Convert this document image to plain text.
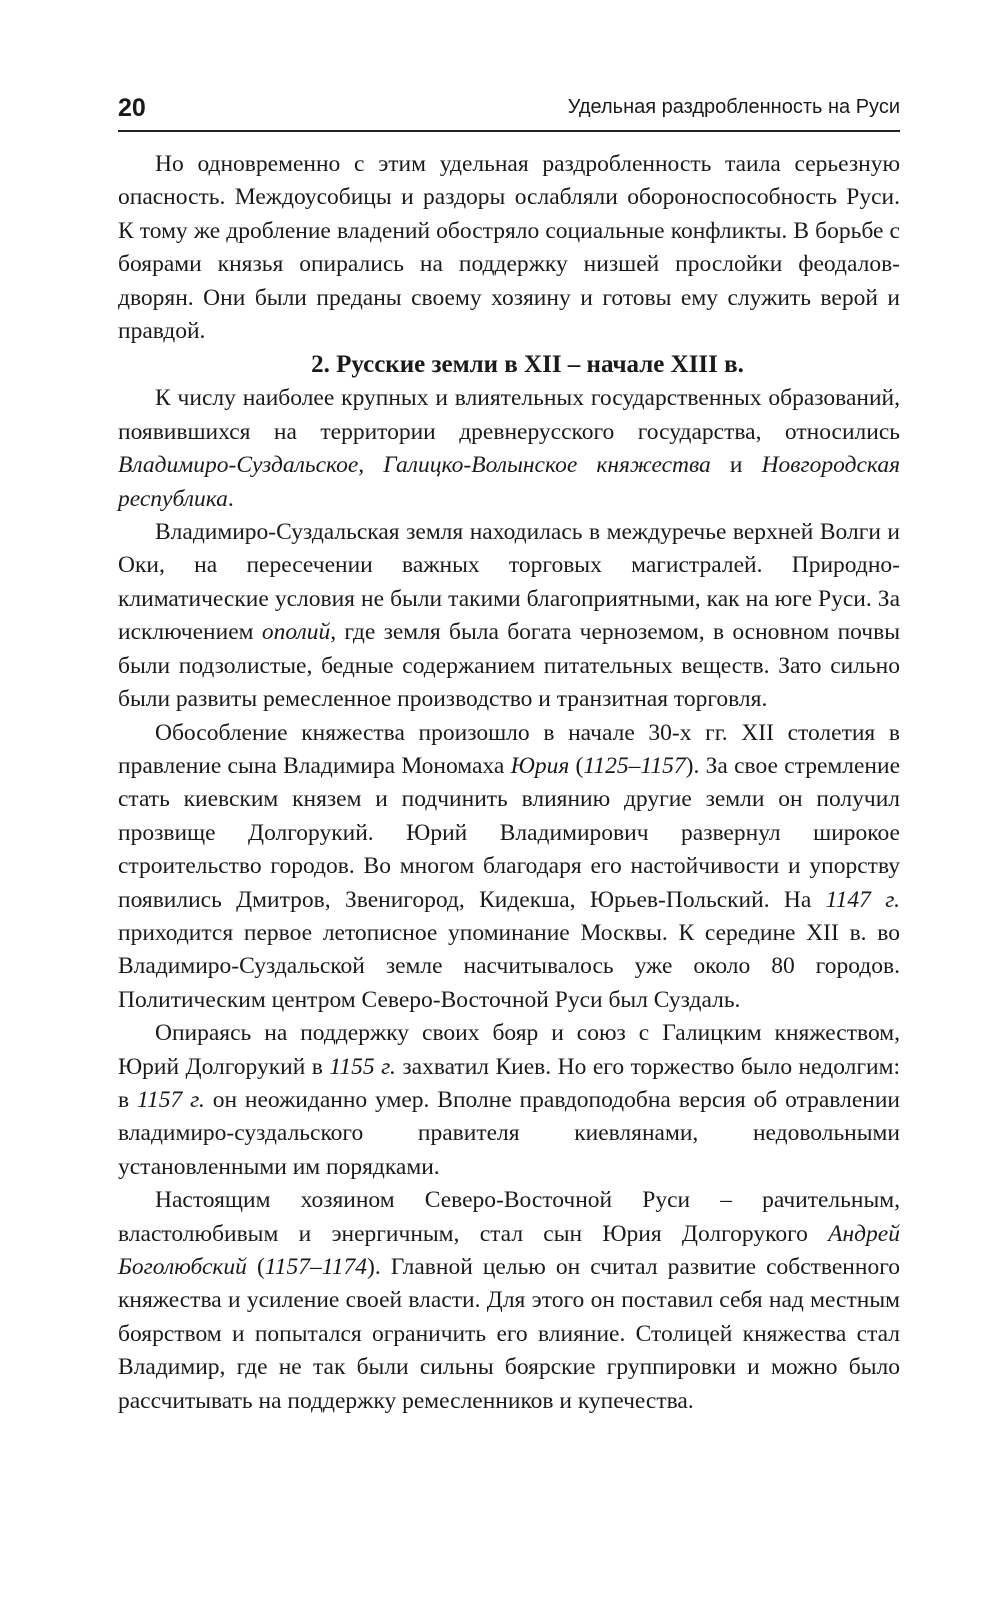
20	Удельная раздробленность на Руси

Но одновременно с этим удельная раздробленность таила серьезную опасность. Междоусобицы и раздоры ослабляли обороноспособность Руси. К тому же дробление владений обостряло социальные конфликты. В борьбе с боярами князья опирались на поддержку низшей прослойки феодалов-дворян. Они были преданы своему хозяину и готовы ему служить верой и правдой.

2. Русские земли в XII – начале XIII в.

К числу наиболее крупных и влиятельных государственных образований, появившихся на территории древнерусского государства, относились Владимиро-Суздальское, Галицко-Волынское княжества и Новгородская республика.

Владимиро-Суздальская земля находилась в междуречье верхней Волги и Оки, на пересечении важных торговых магистралей. Природно-климатические условия не были такими благоприятными, как на юге Руси. За исключением ополий, где земля была богата черноземом, в основном почвы были подзолистые, бедные содержанием питательных веществ. Зато сильно были развиты ремесленное производство и транзитная торговля.

Обособление княжества произошло в начале 30-х гг. XII столетия в правление сына Владимира Мономаха Юрия (1125–1157). За свое стремление стать киевским князем и подчинить влиянию другие земли он получил прозвище Долгорукий. Юрий Владимирович развернул широкое строительство городов. Во многом благодаря его настойчивости и упорству появились Дмитров, Звенигород, Кидекша, Юрьев-Польский. На 1147 г. приходится первое летописное упоминание Москвы. К середине XII в. во Владимиро-Суздальской земле насчитывалось уже около 80 городов. Политическим центром Северо-Восточной Руси был Суздаль.

Опираясь на поддержку своих бояр и союз с Галицким княжеством, Юрий Долгорукий в 1155 г. захватил Киев. Но его торжество было недолгим: в 1157 г. он неожиданно умер. Вполне правдоподобна версия об отравлении владимиро-суздальского правителя киевлянами, недовольными установленными им порядками.

Настоящим хозяином Северо-Восточной Руси – рачительным, властолюбивым и энергичным, стал сын Юрия Долгорукого Андрей Боголюбский (1157–1174). Главной целью он считал развитие собственного княжества и усиление своей власти. Для этого он поставил себя над местным боярством и попытался ограничить его влияние. Столицей княжества стал Владимир, где не так были сильны боярские группировки и можно было рассчитывать на поддержку ремесленников и купечества.
